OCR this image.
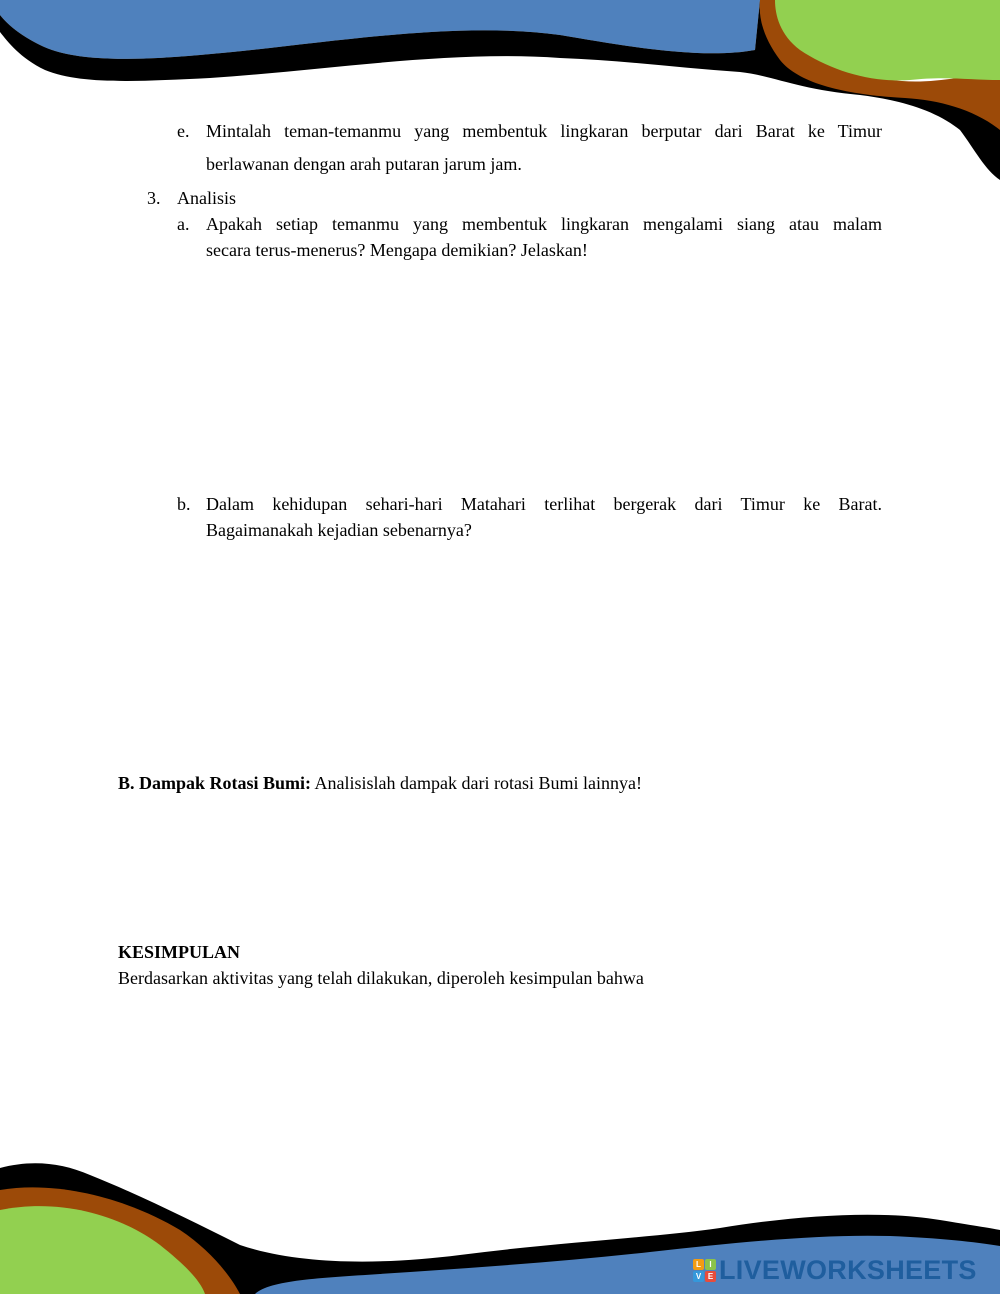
e. Mintalah teman-temanmu yang membentuk lingkaran berputar dari Barat ke Timur
berlawanan dengan arah putaran jarum jam.
3. Analisis
a. Apakah setiap temanmu yang membentuk lingkaran mengalami siang atau malam
secara terus-menerus? Mengapa demikian? Jelaskan!
b. Dalam kehidupan sehari-hari Matahari terlihat bergerak dari Timur ke Barat.
Bagaimanakah kejadian sebenarnya?
B. Dampak Rotasi Bumi: Analisislah dampak dari rotasi Bumi lainnya!
KESIMPULAN
Berdasarkan aktivitas yang telah dilakukan, diperoleh kesimpulan bahwa
L	I
V E LIVEWORKSHEETS
